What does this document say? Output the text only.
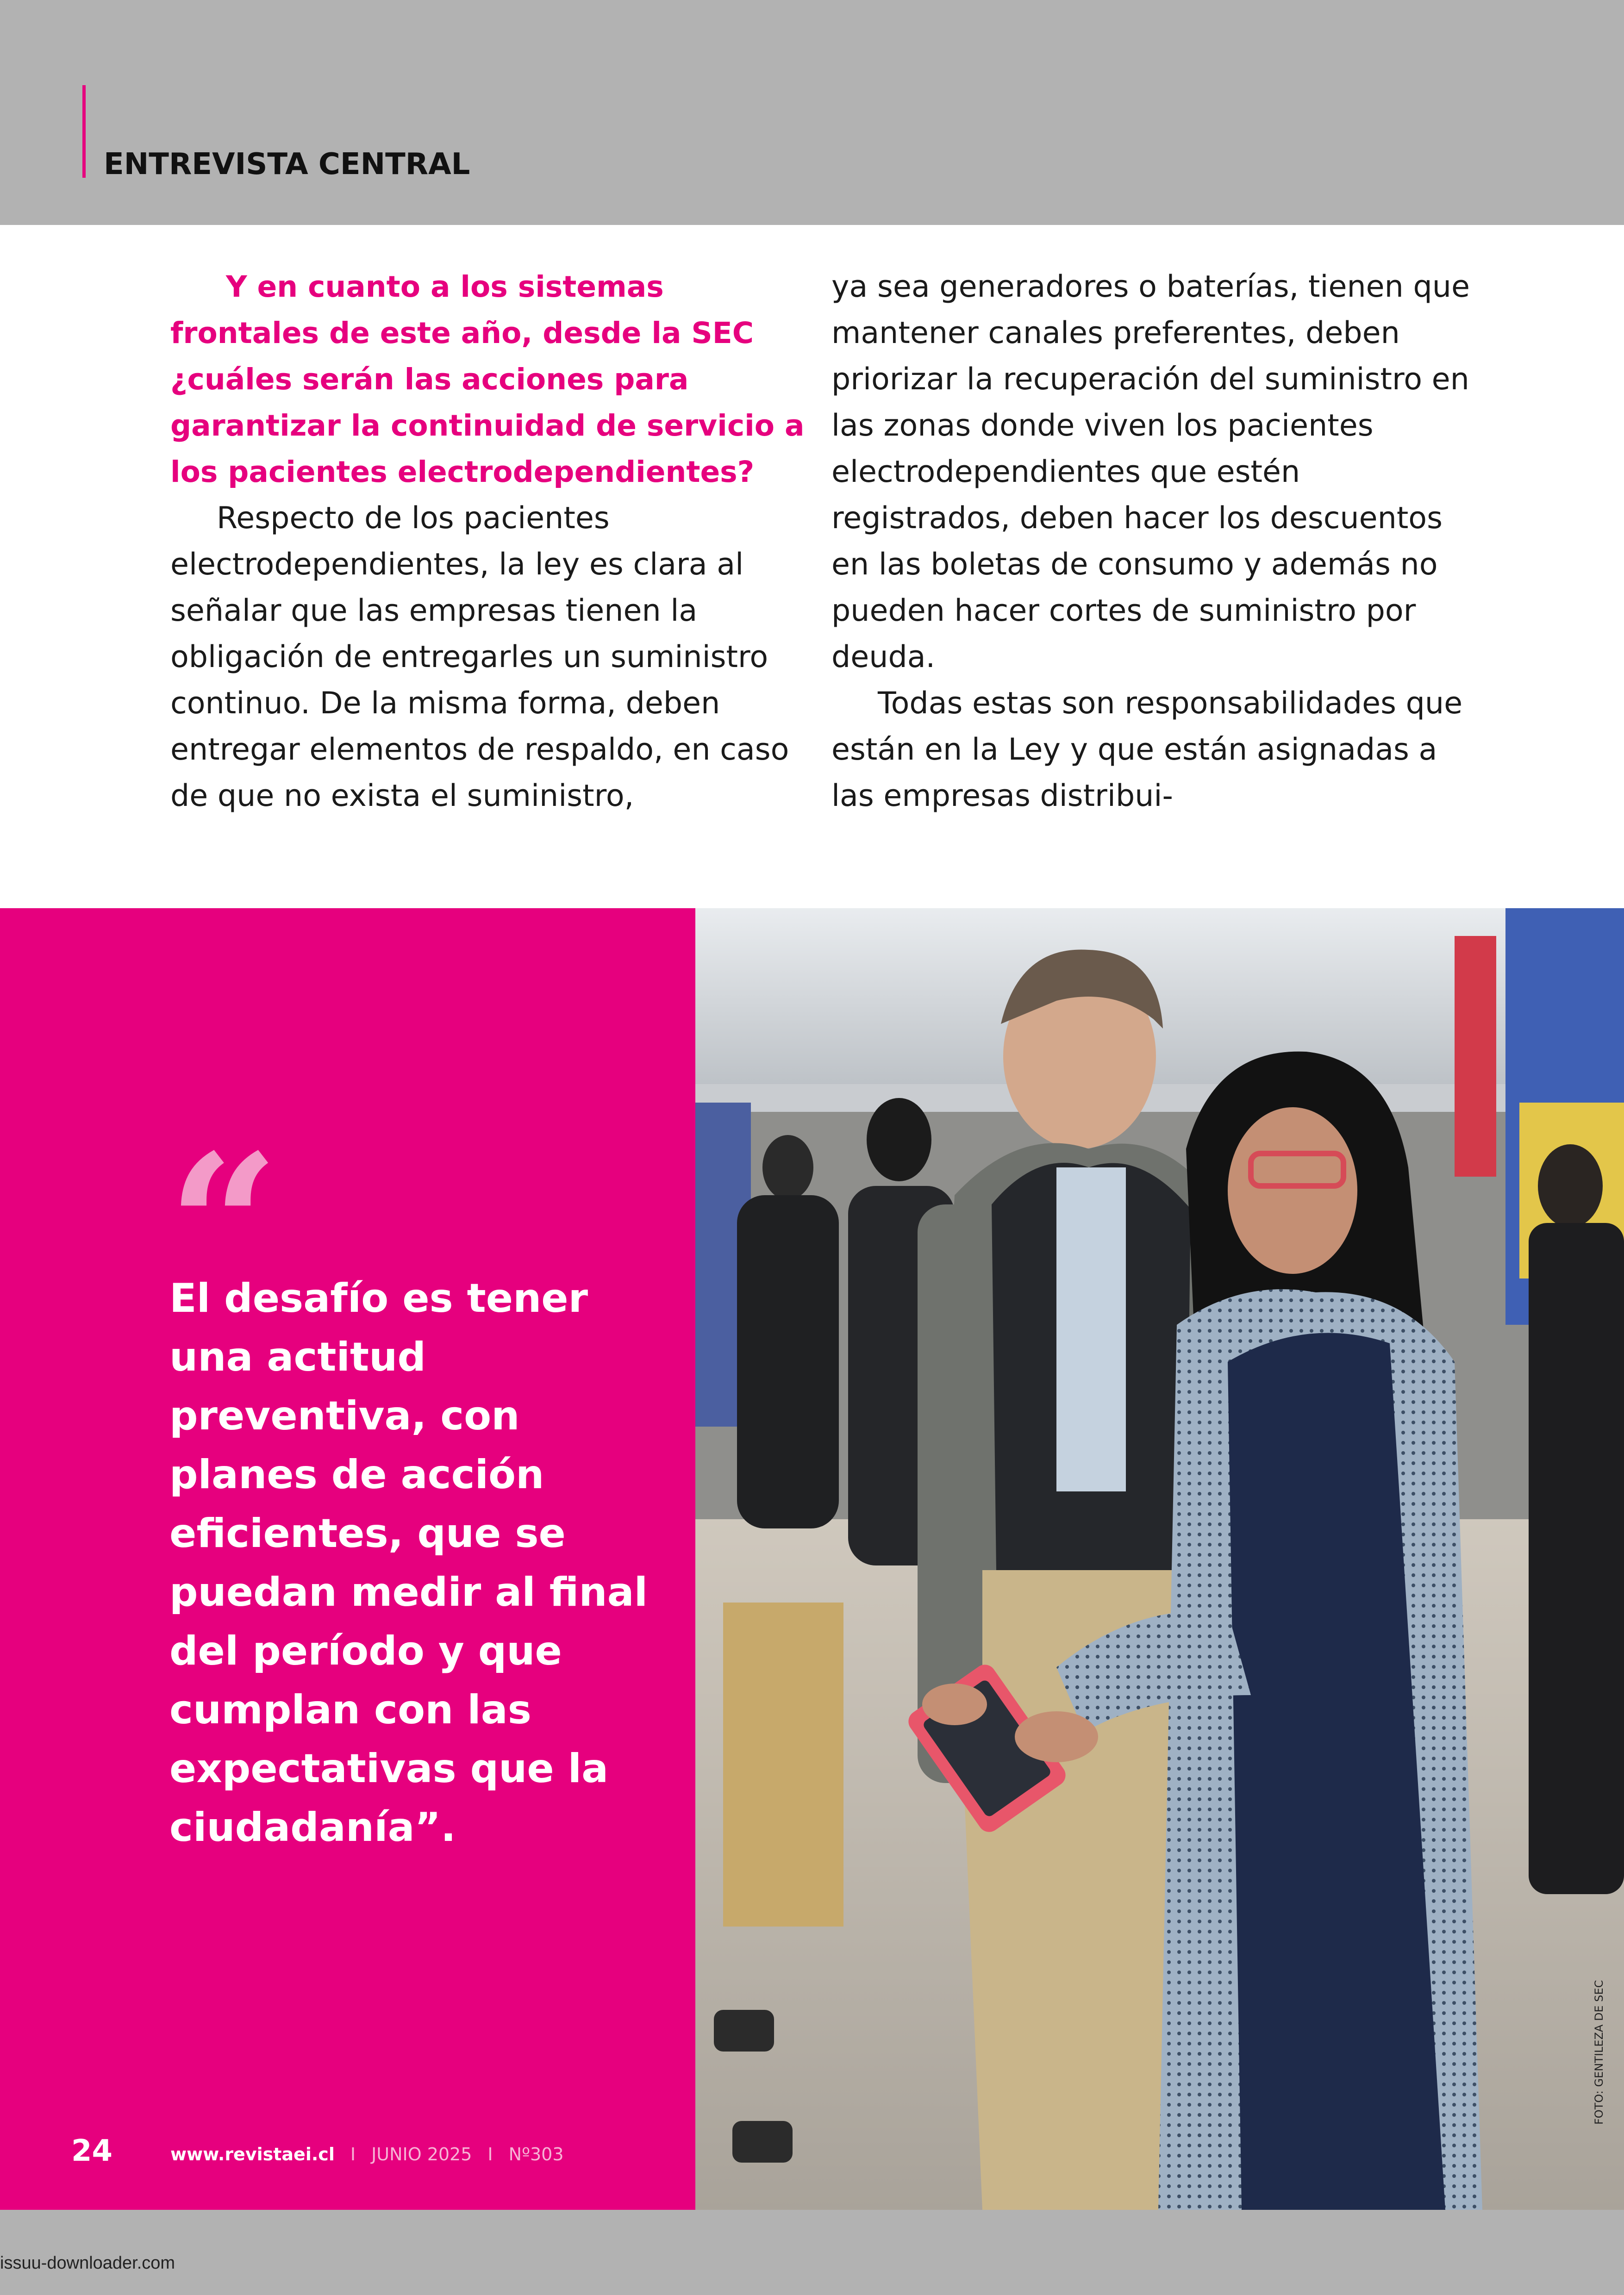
ENTREVISTA CENTRAL

Y en cuanto a los sistemas frontales de este año, desde la SEC ¿cuáles serán las acciones para garantizar la continuidad de servicio a los pacientes electrodependientes?

Respecto de los pacientes electrodependientes, la ley es clara al señalar que las empresas tienen la obligación de entregarles un suministro continuo. De la misma forma, deben entregar elementos de respaldo, en caso de que no exista el suministro,

ya sea generadores o baterías, tienen que mantener canales preferentes, deben priorizar la recuperación del suministro en las zonas donde viven los pacientes electrodependientes que estén registrados, deben hacer los descuentos en las boletas de consumo y además no pueden hacer cortes de suministro por deuda.

Todas estas son responsabilidades que están en la Ley y que están asignadas a las empresas distribui-

“

El desafío es tener una actitud preventiva, con planes de acción eficientes, que se puedan medir al final del período y que cumplan con las expectativas que la ciudadanía”.

24	www.revistaei.cl I JUNIO 2025 I Nº303
FOTO: GENTILEZA DE SEC
issuu-downloader.com
